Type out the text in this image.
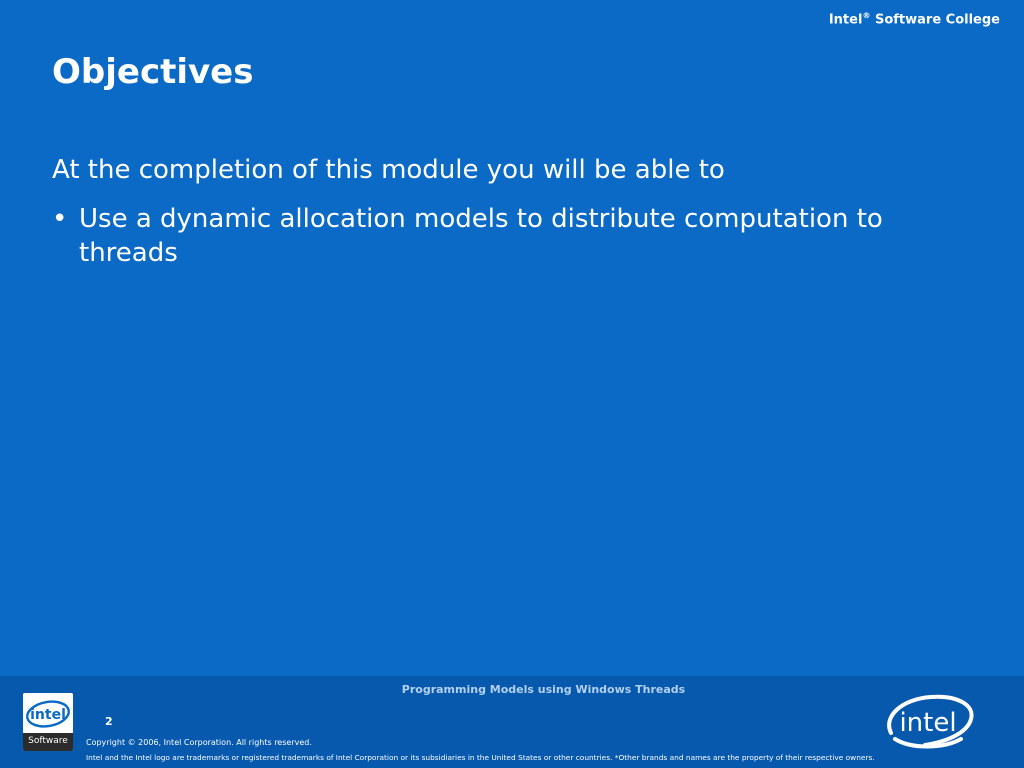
Intel® Software College
Objectives

At the completion of this module you will be able to

• Use a dynamic allocation models to distribute computation to threads
Programming Models using Windows Threads
intel
Software
2
Copyright © 2006, Intel Corporation. All rights reserved.
Intel and the Intel logo are trademarks or registered trademarks of Intel Corporation or its subsidiaries in the United States or other countries. *Other brands and names are the property of their respective owners.
intel
